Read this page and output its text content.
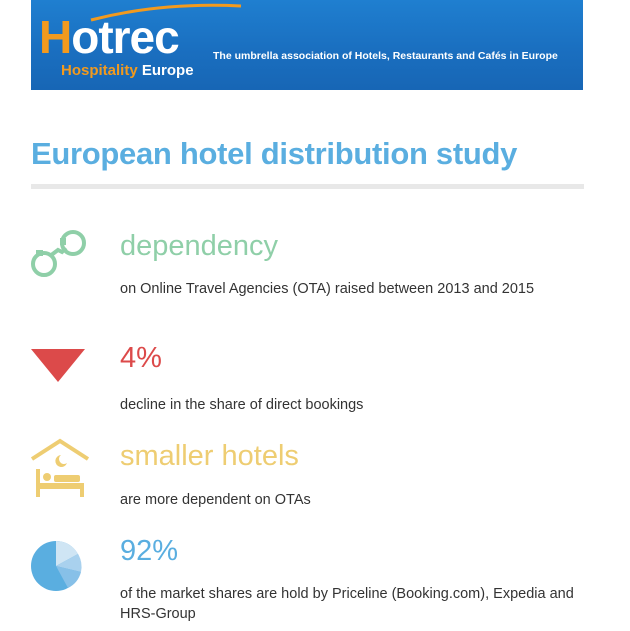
Hotrec
Hospitality Europe
The umbrella association of Hotels, Restaurants and Cafés in Europe
European hotel distribution study
dependency
on Online Travel Agencies (OTA) raised between 2013 and 2015
4%
decline in the share of direct bookings
smaller hotels
are more dependent on OTAs
92%
of the market shares are hold by Priceline (Booking.com), Expedia and HRS-Group
